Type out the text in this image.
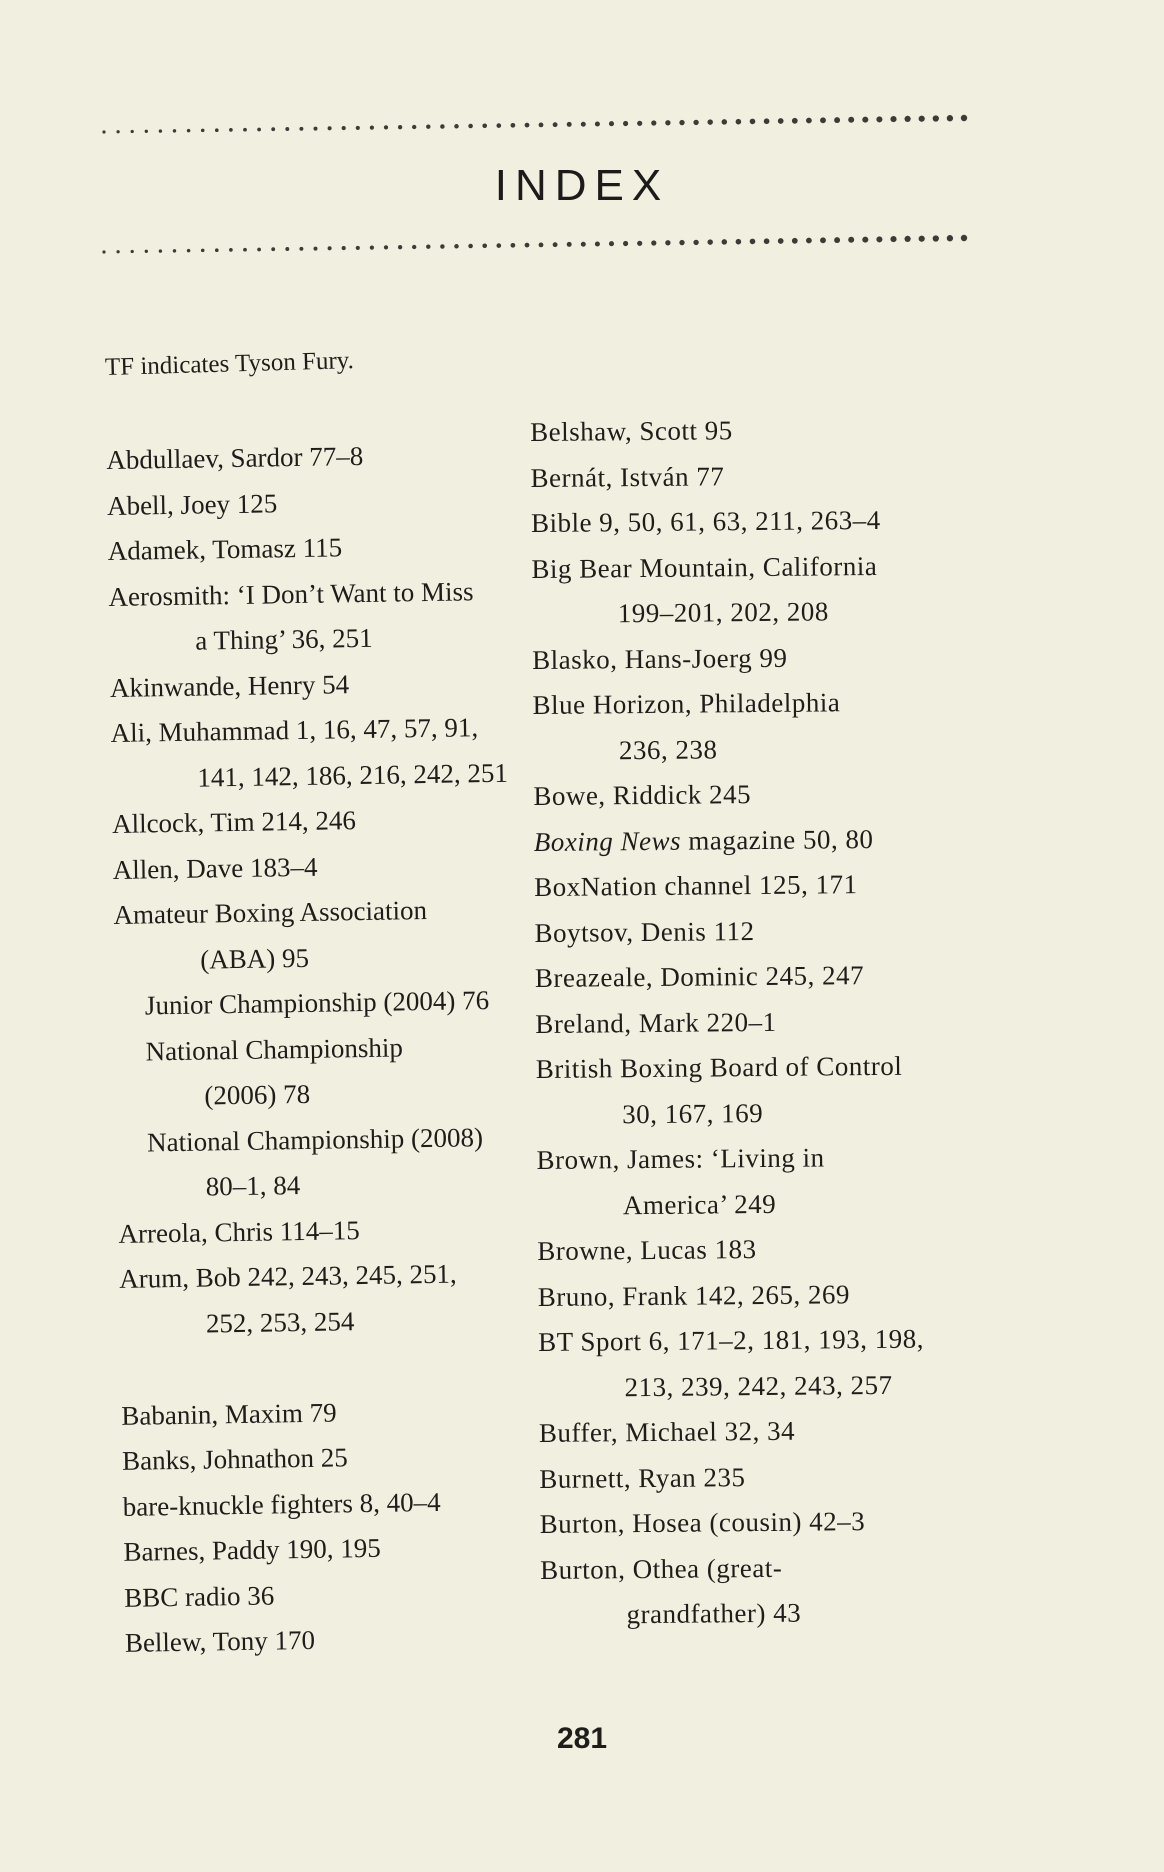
INDEX
TF indicates Tyson Fury.
Abdullaev, Sardor 77–8
Abell, Joey 125
Adamek, Tomasz 115
Aerosmith: ‘I Don’t Want to Miss
a Thing’ 36, 251
Akinwande, Henry 54
Ali, Muhammad 1, 16, 47, 57, 91,
141, 142, 186, 216, 242, 251
Allcock, Tim 214, 246
Allen, Dave 183–4
Amateur Boxing Association
(ABA) 95
Junior Championship (2004) 76
National Championship
(2006) 78
National Championship (2008)
80–1, 84
Arreola, Chris 114–15
Arum, Bob 242, 243, 245, 251,
252, 253, 254
Babanin, Maxim 79
Banks, Johnathon 25
bare-knuckle fighters 8, 40–4
Barnes, Paddy 190, 195
BBC radio 36
Bellew, Tony 170
Belshaw, Scott 95
Bernát, István 77
Bible 9, 50, 61, 63, 211, 263–4
Big Bear Mountain, California
199–201, 202, 208
Blasko, Hans-Joerg 99
Blue Horizon, Philadelphia
236, 238
Bowe, Riddick 245
Boxing News magazine 50, 80
BoxNation channel 125, 171
Boytsov, Denis 112
Breazeale, Dominic 245, 247
Breland, Mark 220–1
British Boxing Board of Control
30, 167, 169
Brown, James: ‘Living in
America’ 249
Browne, Lucas 183
Bruno, Frank 142, 265, 269
BT Sport 6, 171–2, 181, 193, 198,
213, 239, 242, 243, 257
Buffer, Michael 32, 34
Burnett, Ryan 235
Burton, Hosea (cousin) 42–3
Burton, Othea (great-
grandfather) 43
281
